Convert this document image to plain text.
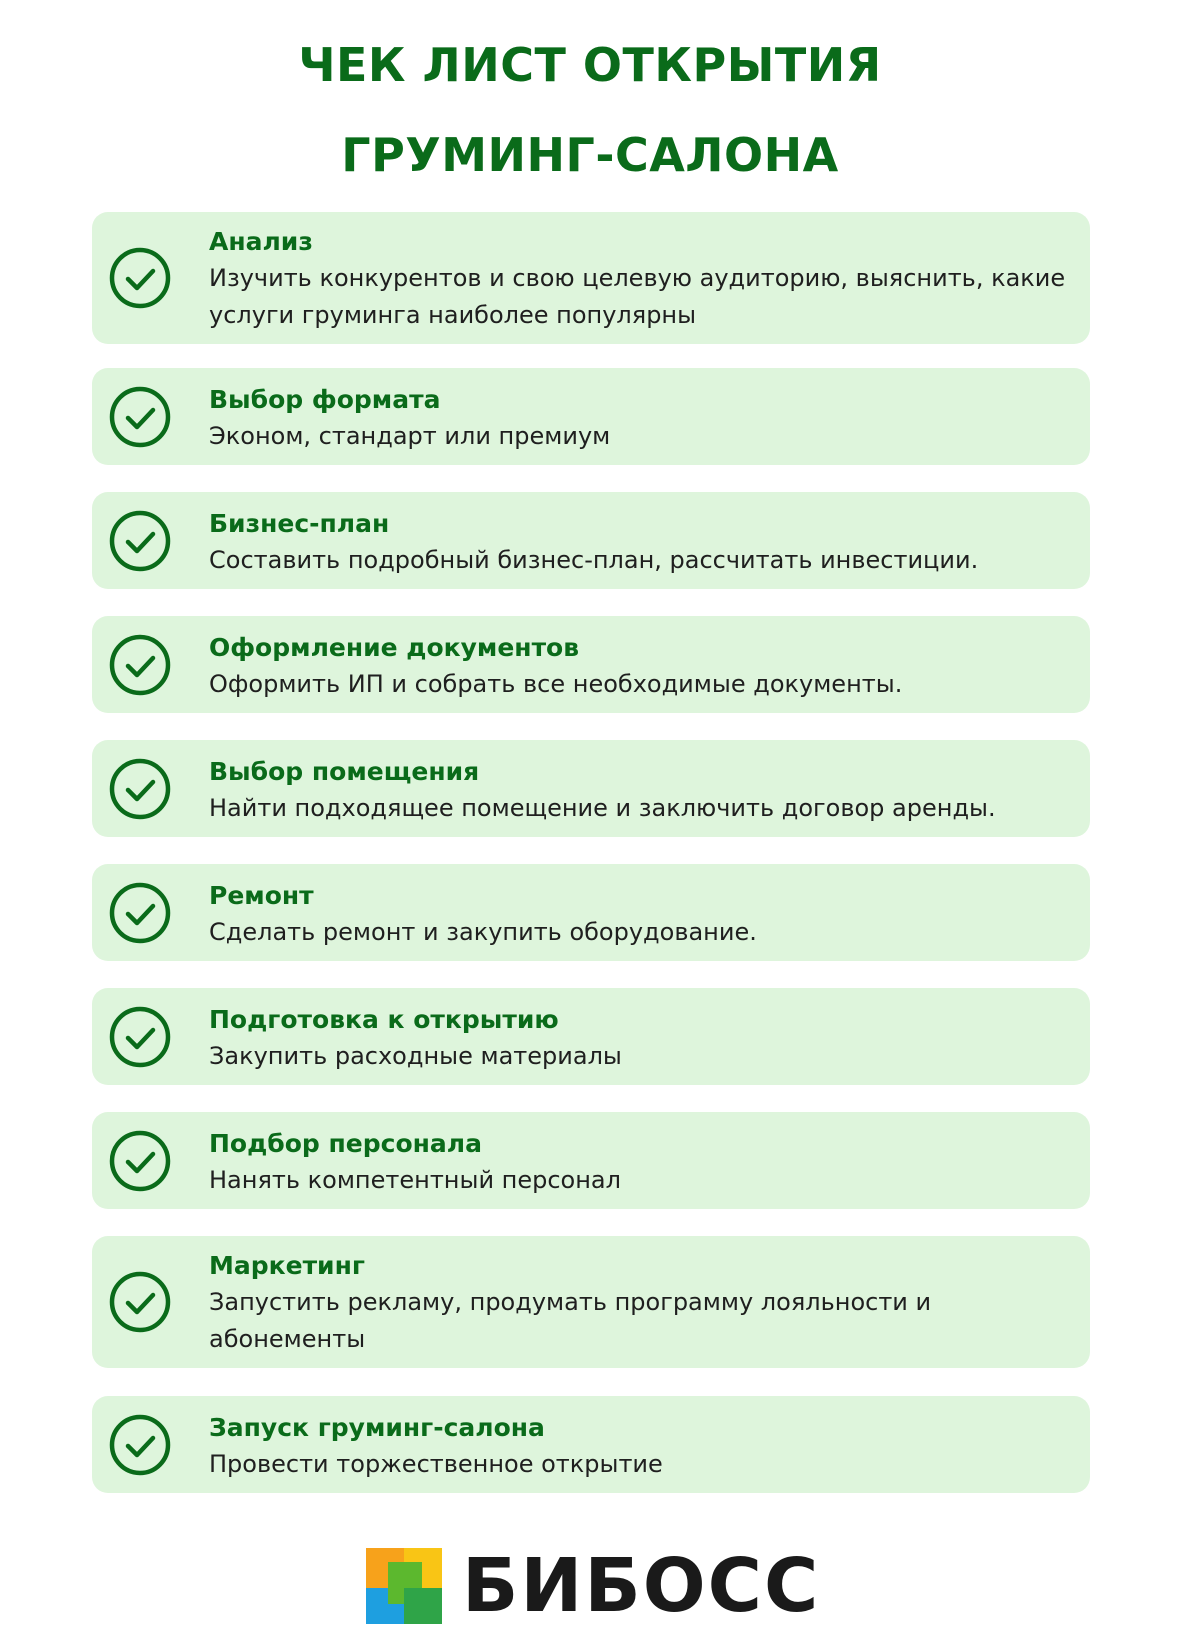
ЧЕК ЛИСТ ОТКРЫТИЯ
ГРУМИНГ-САЛОНА
Анализ
Изучить конкурентов и свою целевую аудиторию, выяснить, какие услуги груминга наиболее популярны
Выбор формата
Эконом, стандарт или премиум
Бизнес-план
Составить подробный бизнес-план, рассчитать инвестиции.
Оформление документов
Оформить ИП и собрать все необходимые документы.
Выбор помещения
Найти подходящее помещение и заключить договор аренды.
Ремонт
Сделать ремонт и закупить оборудование.
Подготовка к открытию
Закупить расходные материалы
Подбор персонала
Нанять компетентный персонал
Маркетинг
Запустить рекламу, продумать программу лояльности и абонементы
Запуск груминг-салона
Провести торжественное открытие
БИБОСС
